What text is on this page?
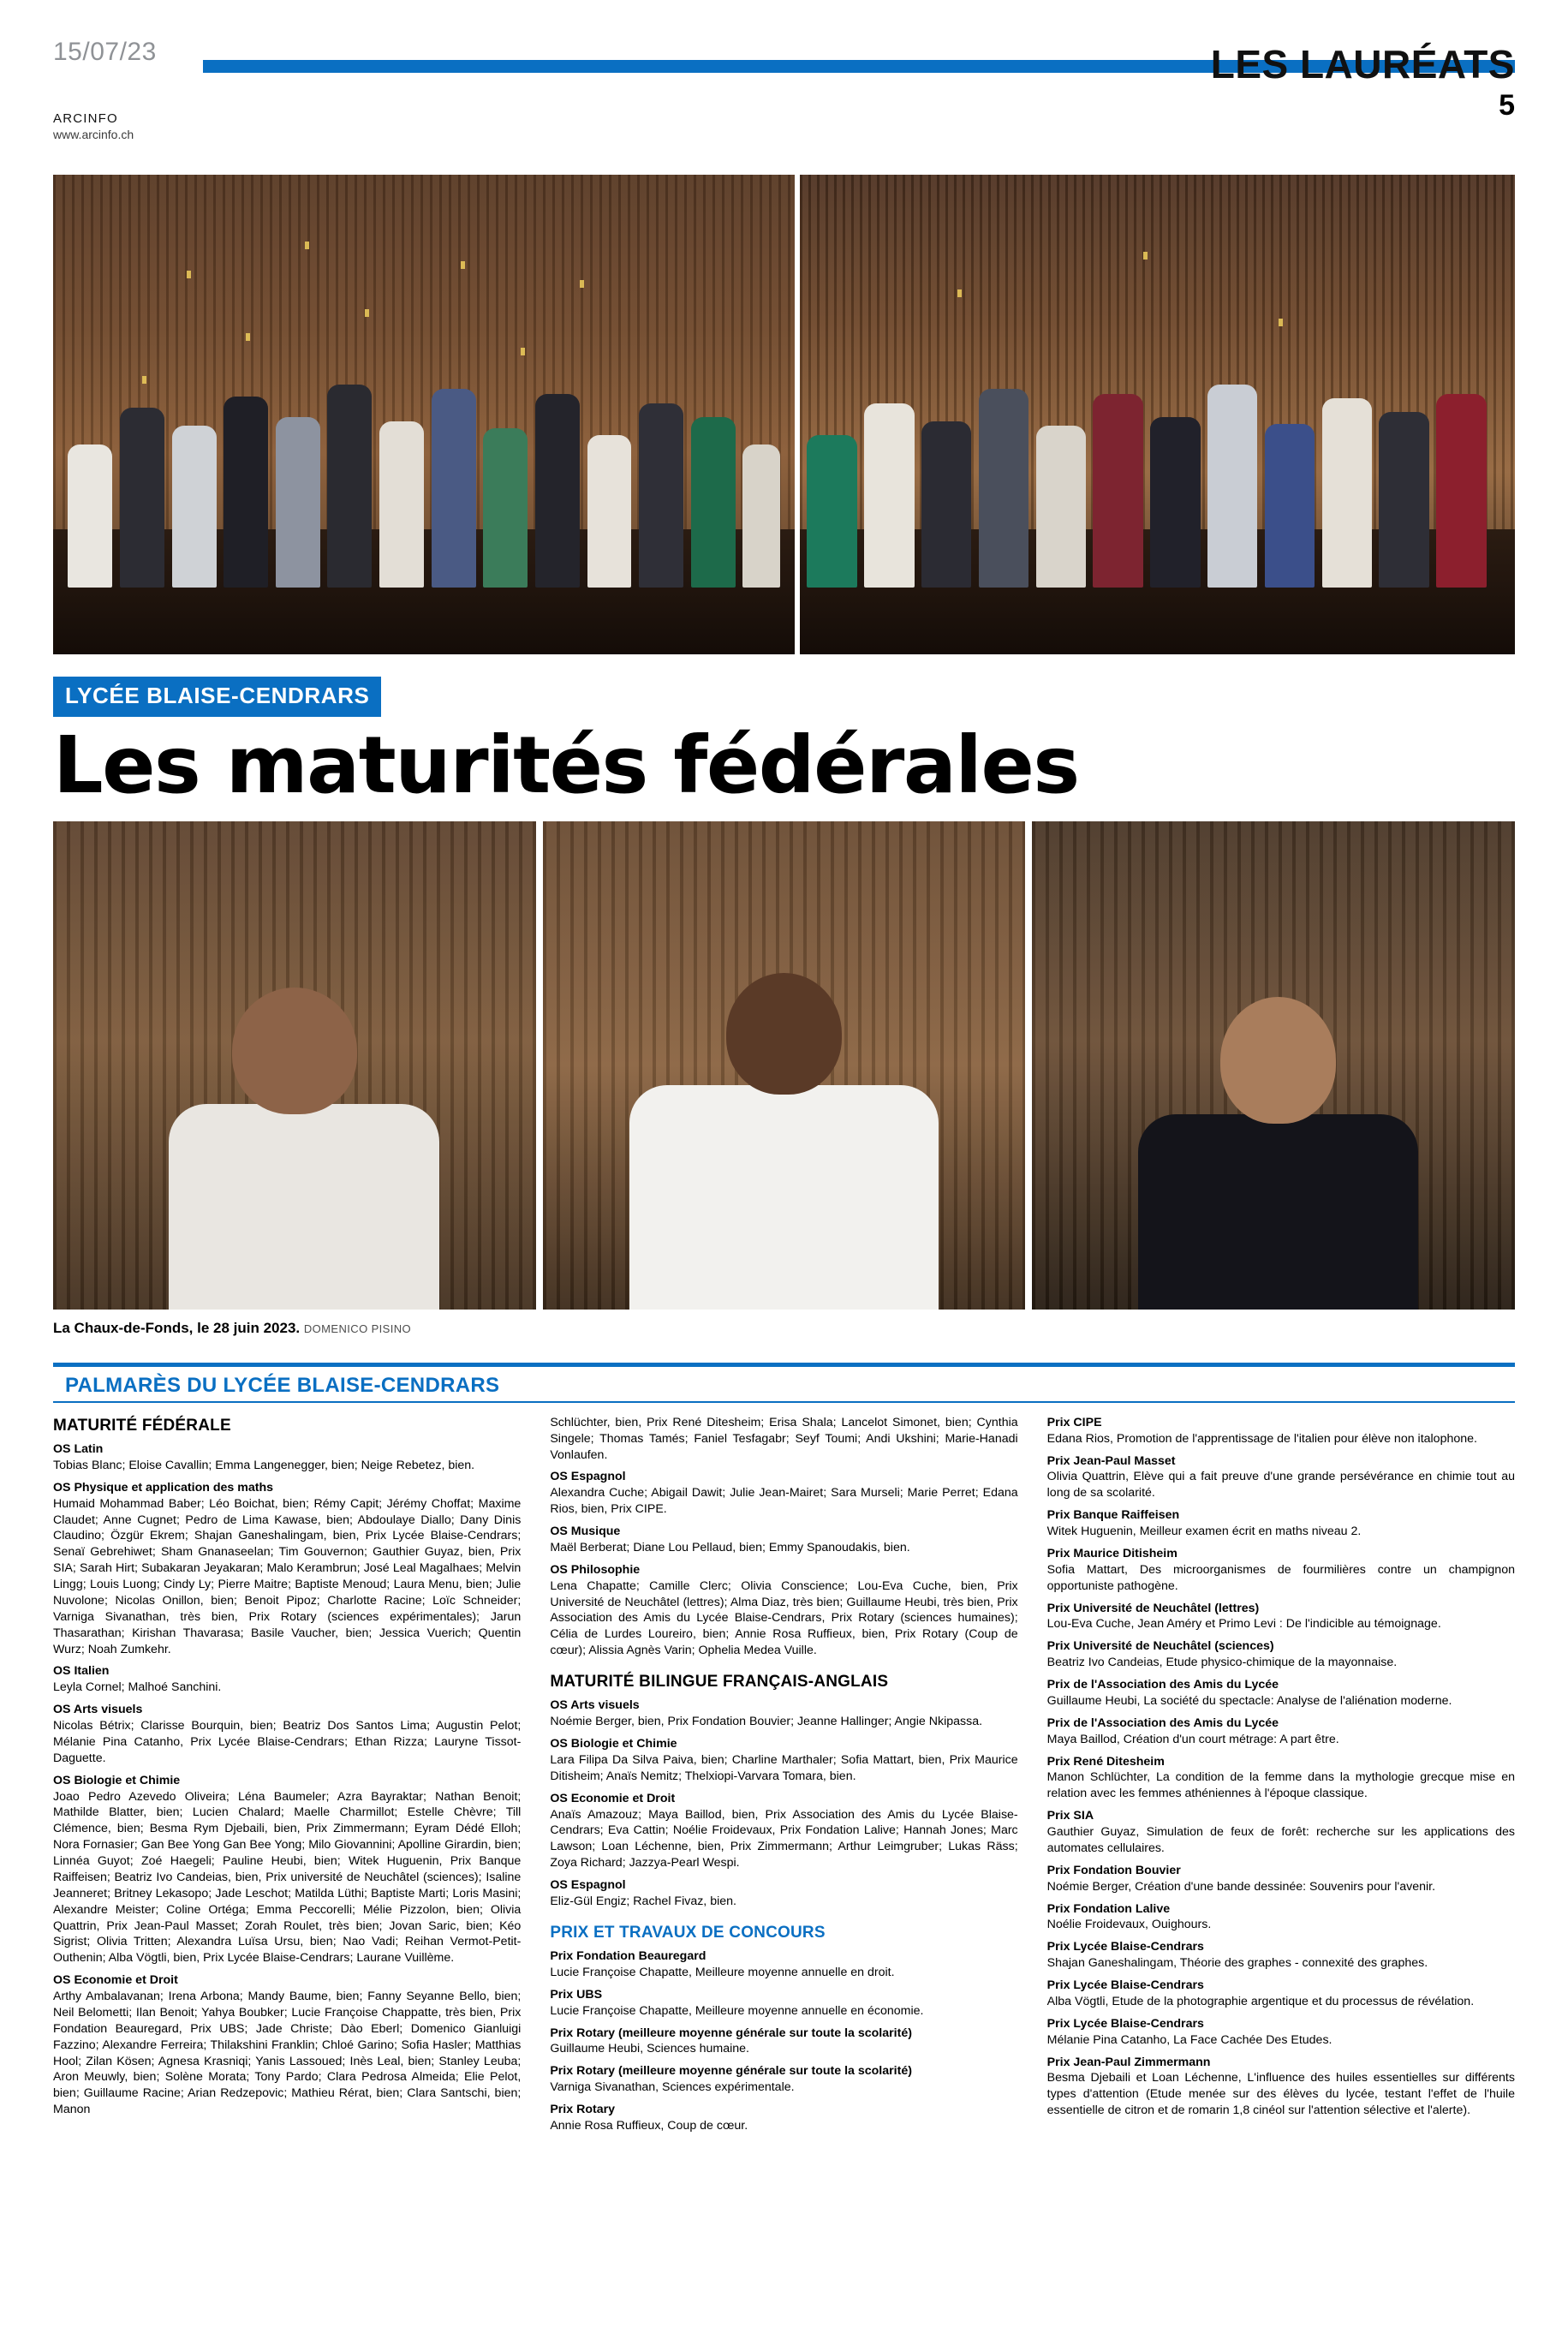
15/07/23
ARCINFO
www.arcinfo.ch
LES LAURÉATS
5
LYCÉE BLAISE-CENDRARS
Les maturités fédérales
La Chaux-de-Fonds, le 28 juin 2023. DOMENICO PISINO
PALMARÈS DU LYCÉE BLAISE-CENDRARS
MATURITÉ FÉDÉRALE

OS Latin
Tobias Blanc; Eloise Cavallin; Emma Langenegger, bien; Neige Rebetez, bien.

OS Physique et application des maths
Humaid Mohammad Baber; Léo Boichat, bien; Rémy Capit; Jérémy Choffat; Maxime Claudet; Anne Cugnet; Pedro de Lima Kawase, bien; Abdoulaye Diallo; Dany Dinis Claudino; Özgür Ekrem; Shajan Ganeshalingam, bien, Prix Lycée Blaise-Cendrars; Senaï Gebrehiwet; Sham Gnanaseelan; Tim Gouvernon; Gauthier Guyaz, bien, Prix SIA; Sarah Hirt; Subakaran Jeyakaran; Malo Kerambrun; José Leal Magalhaes; Melvin Lingg; Louis Luong; Cindy Ly; Pierre Maitre; Baptiste Menoud; Laura Menu, bien; Julie Nuvolone; Nicolas Onillon, bien; Benoit Pipoz; Charlotte Racine; Loïc Schneider; Varniga Sivanathan, très bien, Prix Rotary (sciences expérimentales); Jarun Thasarathan; Kirishan Thavarasa; Basile Vaucher, bien; Jessica Vuerich; Quentin Wurz; Noah Zumkehr.

OS Italien
Leyla Cornel; Malhoé Sanchini.

OS Arts visuels
Nicolas Bétrix; Clarisse Bourquin, bien; Beatriz Dos Santos Lima; Augustin Pelot; Mélanie Pina Catanho, Prix Lycée Blaise-Cendrars; Ethan Rizza; Lauryne Tissot-Daguette.

OS Biologie et Chimie
Joao Pedro Azevedo Oliveira; Léna Baumeler; Azra Bayraktar; Nathan Benoit; Mathilde Blatter, bien; Lucien Chalard; Maelle Charmillot; Estelle Chèvre; Till Clémence, bien; Besma Rym Djebaili, bien, Prix Zimmermann; Eyram Dédé Elloh; Nora Fornasier; Gan Bee Yong Gan Bee Yong; Milo Giovannini; Apolline Girardin, bien; Linnéa Guyot; Zoé Haegeli; Pauline Heubi, bien; Witek Huguenin, Prix Banque Raiffeisen; Beatriz Ivo Candeias, bien, Prix université de Neuchâtel (sciences); Isaline Jeanneret; Britney Lekasopo; Jade Leschot; Matilda Lüthi; Baptiste Marti; Loris Masini; Alexandre Meister; Coline Ortéga; Emma Peccorelli; Mélie Pizzolon, bien; Olivia Quattrin, Prix Jean-Paul Masset; Zorah Roulet, très bien; Jovan Saric, bien; Kéo Sigrist; Olivia Tritten; Alexandra Luïsa Ursu, bien; Nao Vadi; Reihan Vermot-Petit-Outhenin; Alba Vögtli, bien, Prix Lycée Blaise-Cendrars; Laurane Vuillème.

OS Economie et Droit
Arthy Ambalavanan; Irena Arbona; Mandy Baume, bien; Fanny Seyanne Bello, bien; Neil Belometti; Ilan Benoit; Yahya Boubker; Lucie Françoise Chappatte, très bien, Prix Fondation Beauregard, Prix UBS; Jade Christe; Dào Eberl; Domenico Gianluigi Fazzino; Alexandre Ferreira; Thilakshini Franklin; Chloé Garino; Sofia Hasler; Matthias Hool; Zilan Kösen; Agnesa Krasniqi; Yanis Lassoued; Inès Leal, bien; Stanley Leuba; Aron Meuwly, bien; Solène Morata; Tony Pardo; Clara Pedrosa Almeida; Elie Pelot, bien; Guillaume Racine; Arian Redzepovic; Mathieu Rérat, bien; Clara Santschi, bien; Manon

Schlüchter, bien, Prix René Ditesheim; Erisa Shala; Lancelot Simonet, bien; Cynthia Singele; Thomas Tamés; Faniel Tesfagabr; Seyf Toumi; Andi Ukshini; Marie-Hanadi Vonlaufen.

OS Espagnol
Alexandra Cuche; Abigail Dawit; Julie Jean-Mairet; Sara Murseli; Marie Perret; Edana Rios, bien, Prix CIPE.

OS Musique
Maël Berberat; Diane Lou Pellaud, bien; Emmy Spanoudakis, bien.

OS Philosophie
Lena Chapatte; Camille Clerc; Olivia Conscience; Lou-Eva Cuche, bien, Prix Université de Neuchâtel (lettres); Alma Diaz, très bien; Guillaume Heubi, très bien, Prix Association des Amis du Lycée Blaise-Cendrars, Prix Rotary (sciences humaines); Célia de Lurdes Loureiro, bien; Annie Rosa Ruffieux, bien, Prix Rotary (Coup de cœur); Alissia Agnès Varin; Ophelia Medea Vuille.

MATURITÉ BILINGUE FRANÇAIS-ANGLAIS

OS Arts visuels
Noémie Berger, bien, Prix Fondation Bouvier; Jeanne Hallinger; Angie Nkipassa.

OS Biologie et Chimie
Lara Filipa Da Silva Paiva, bien; Charline Marthaler; Sofia Mattart, bien, Prix Maurice Ditisheim; Anaïs Nemitz; Thelxiopi-Varvara Tomara, bien.

OS Economie et Droit
Anaïs Amazouz; Maya Baillod, bien, Prix Association des Amis du Lycée Blaise-Cendrars; Eva Cattin; Noélie Froidevaux, Prix Fondation Lalive; Hannah Jones; Marc Lawson; Loan Léchenne, bien, Prix Zimmermann; Arthur Leimgruber; Lukas Räss; Zoya Richard; Jazzya-Pearl Wespi.

OS Espagnol
Eliz-Gül Engiz; Rachel Fivaz, bien.

PRIX ET TRAVAUX DE CONCOURS

Prix Fondation Beauregard
Lucie Françoise Chapatte, Meilleure moyenne annuelle en droit.

Prix UBS
Lucie Françoise Chapatte, Meilleure moyenne annuelle en économie.

Prix Rotary (meilleure moyenne générale sur toute la scolarité)
Guillaume Heubi, Sciences humaine.

Prix Rotary (meilleure moyenne générale sur toute la scolarité)
Varniga Sivanathan, Sciences expérimentale.

Prix Rotary
Annie Rosa Ruffieux, Coup de cœur.

Prix CIPE
Edana Rios, Promotion de l'apprentissage de l'italien pour élève non italophone.

Prix Jean-Paul Masset
Olivia Quattrin, Elève qui a fait preuve d'une grande persévérance en chimie tout au long de sa scolarité.

Prix Banque Raiffeisen
Witek Huguenin, Meilleur examen écrit en maths niveau 2.

Prix Maurice Ditisheim
Sofia Mattart, Des microorganismes de fourmilières contre un champignon opportuniste pathogène.

Prix Université de Neuchâtel (lettres)
Lou-Eva Cuche, Jean Améry et Primo Levi : De l'indicible au témoignage.

Prix Université de Neuchâtel (sciences)
Beatriz Ivo Candeias, Etude physico-chimique de la mayonnaise.

Prix de l'Association des Amis du Lycée
Guillaume Heubi, La société du spectacle: Analyse de l'aliénation moderne.

Prix de l'Association des Amis du Lycée
Maya Baillod, Création d'un court métrage: A part être.

Prix René Ditesheim
Manon Schlüchter, La condition de la femme dans la mythologie grecque mise en relation avec les femmes athéniennes à l'époque classique.

Prix SIA
Gauthier Guyaz, Simulation de feux de forêt: recherche sur les applications des automates cellulaires.

Prix Fondation Bouvier
Noémie Berger, Création d'une bande dessinée: Souvenirs pour l'avenir.

Prix Fondation Lalive
Noélie Froidevaux, Ouighours.

Prix Lycée Blaise-Cendrars
Shajan Ganeshalingam, Théorie des graphes - connexité des graphes.

Prix Lycée Blaise-Cendrars
Alba Vögtli, Etude de la photographie argentique et du processus de révélation.

Prix Lycée Blaise-Cendrars
Mélanie Pina Catanho, La Face Cachée Des Etudes.

Prix Jean-Paul Zimmermann
Besma Djebaili et Loan Léchenne, L'influence des huiles essentielles sur différents types d'attention (Etude menée sur des élèves du lycée, testant l'effet de l'huile essentielle de citron et de romarin 1,8 cinéol sur l'attention sélective et l'alerte).
